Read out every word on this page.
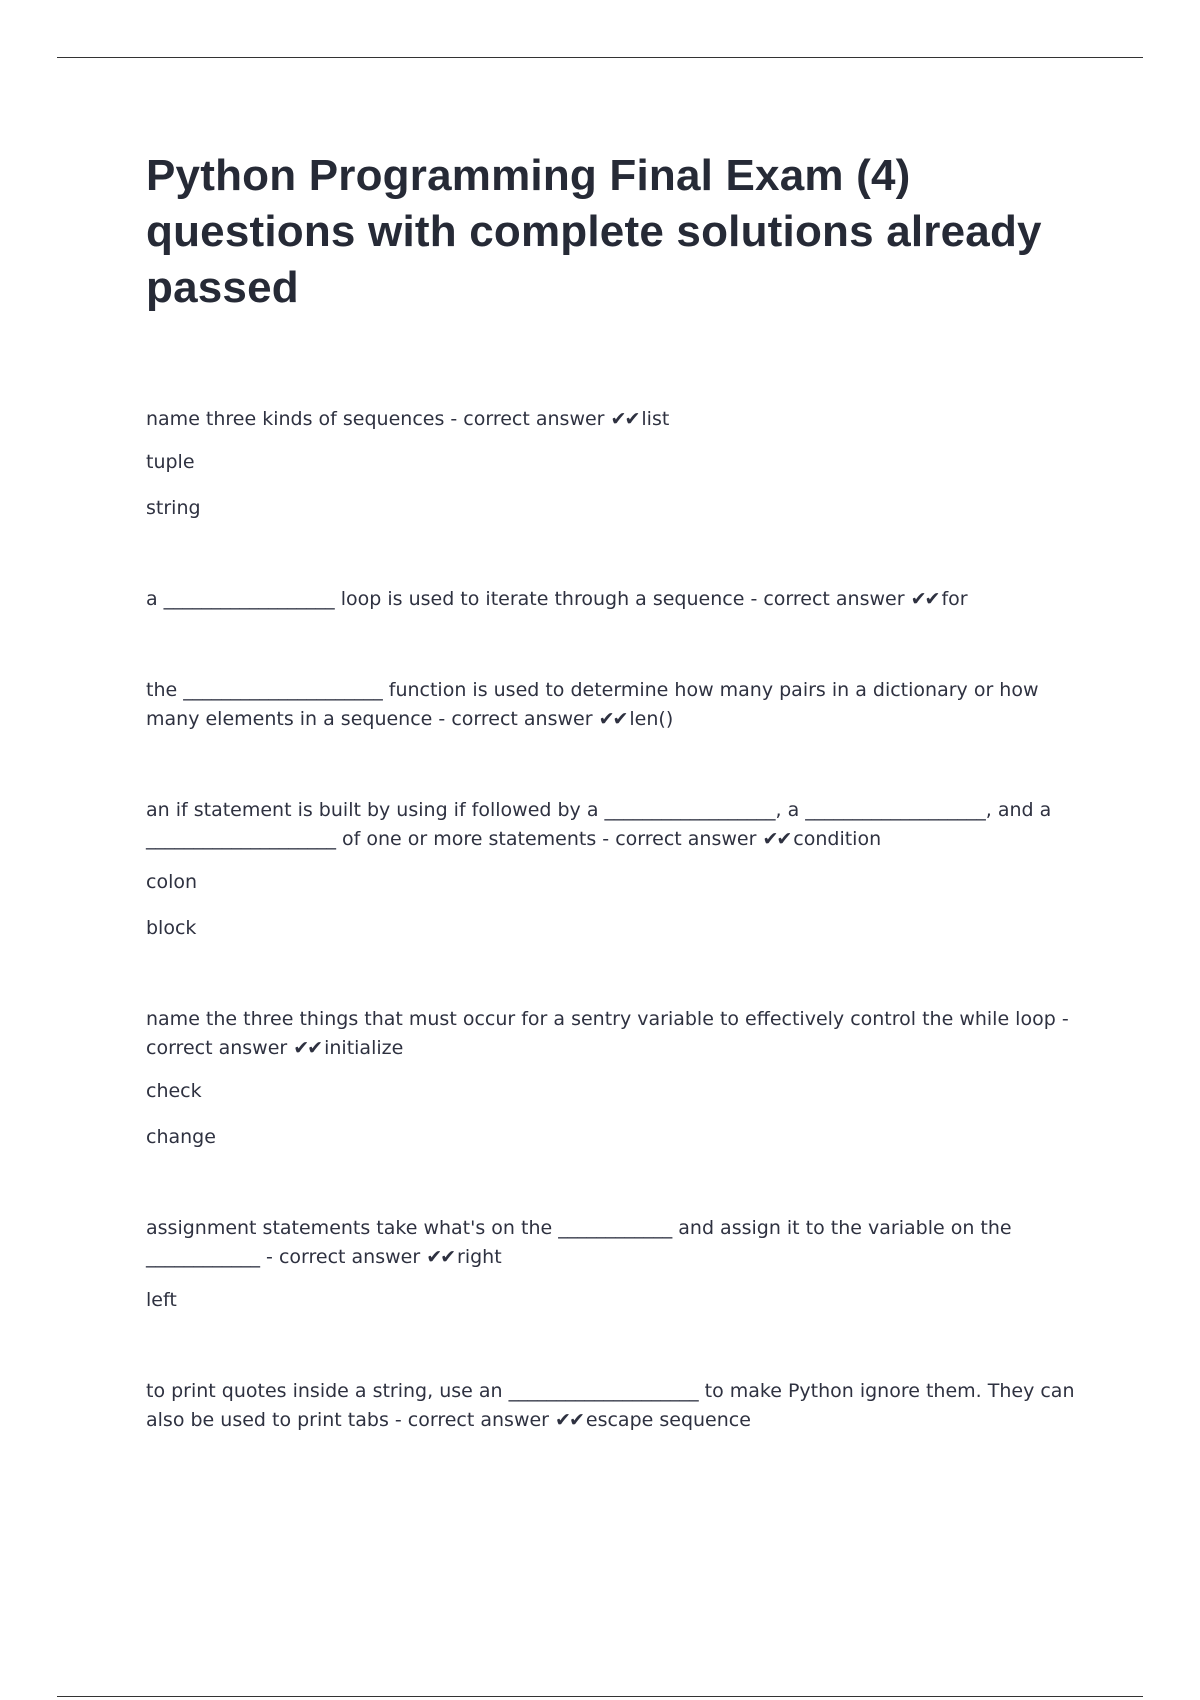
Python Programming Final Exam (4) questions with complete solutions already passed

name three kinds of sequences - correct answer ✔✔ list

tuple

string

a __________________ loop is used to iterate through a sequence - correct answer ✔✔ for

the _____________________ function is used to determine how many pairs in a dictionary or how many elements in a sequence - correct answer ✔✔ len()

an if statement is built by using if followed by a __________________, a ___________________, and a ____________________ of one or more statements - correct answer ✔✔ condition

colon

block

name the three things that must occur for a sentry variable to effectively control the while loop - correct answer ✔✔ initialize

check

change

assignment statements take what's on the ____________ and assign it to the variable on the ____________ - correct answer ✔✔ right

left

to print quotes inside a string, use an ____________________ to make Python ignore them. They can also be used to print tabs - correct answer ✔✔ escape sequence
